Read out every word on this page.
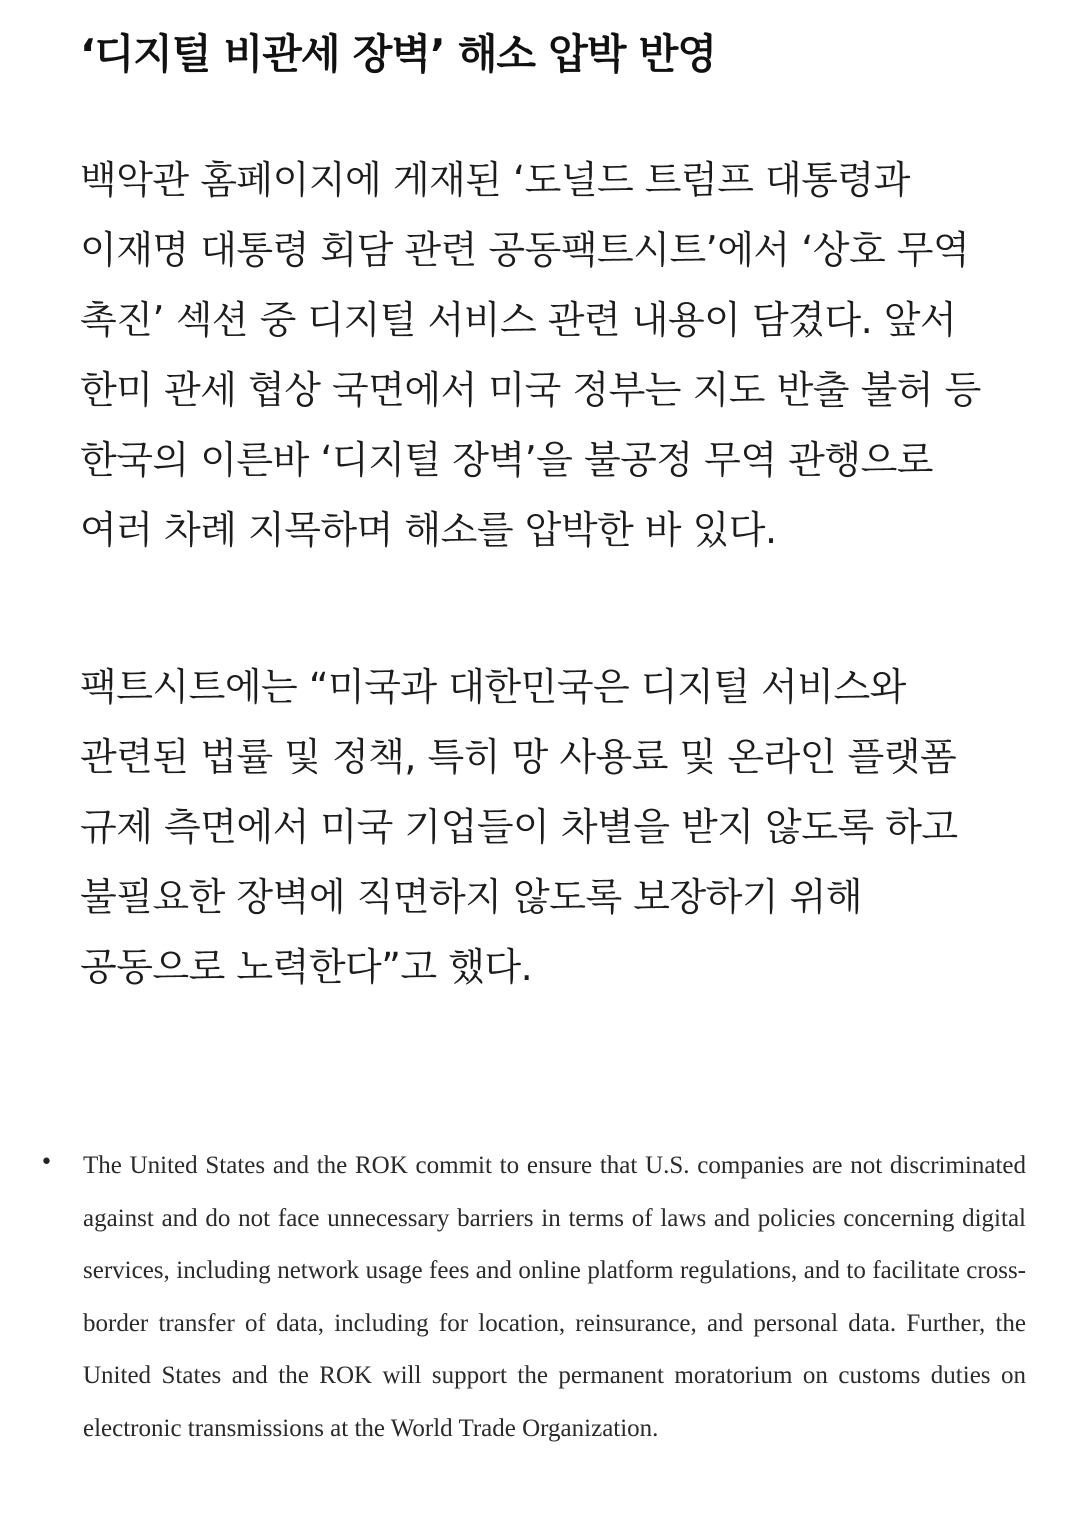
‘디지털 비관세 장벽’ 해소 압박 반영

백악관 홈페이지에 게재된 ‘도널드 트럼프 대통령과 이재명 대통령 회담 관련 공동팩트시트’에서 ‘상호 무역 촉진’ 섹션 중 디지털 서비스 관련 내용이 담겼다. 앞서 한미 관세 협상 국면에서 미국 정부는 지도 반출 불허 등 한국의 이른바 ‘디지털 장벽’을 불공정 무역 관행으로 여러 차례 지목하며 해소를 압박한 바 있다.

팩트시트에는 “미국과 대한민국은 디지털 서비스와 관련된 법률 및 정책, 특히 망 사용료 및 온라인 플랫폼 규제 측면에서 미국 기업들이 차별을 받지 않도록 하고 불필요한 장벽에 직면하지 않도록 보장하기 위해 공동으로 노력한다”고 했다.

• The United States and the ROK commit to ensure that U.S. companies are not discriminated against and do not face unnecessary barriers in terms of laws and policies concerning digital services, including network usage fees and online platform regulations, and to facilitate cross-border transfer of data, including for location, reinsurance, and personal data. Further, the United States and the ROK will support the permanent moratorium on customs duties on electronic transmissions at the World Trade Organization.
